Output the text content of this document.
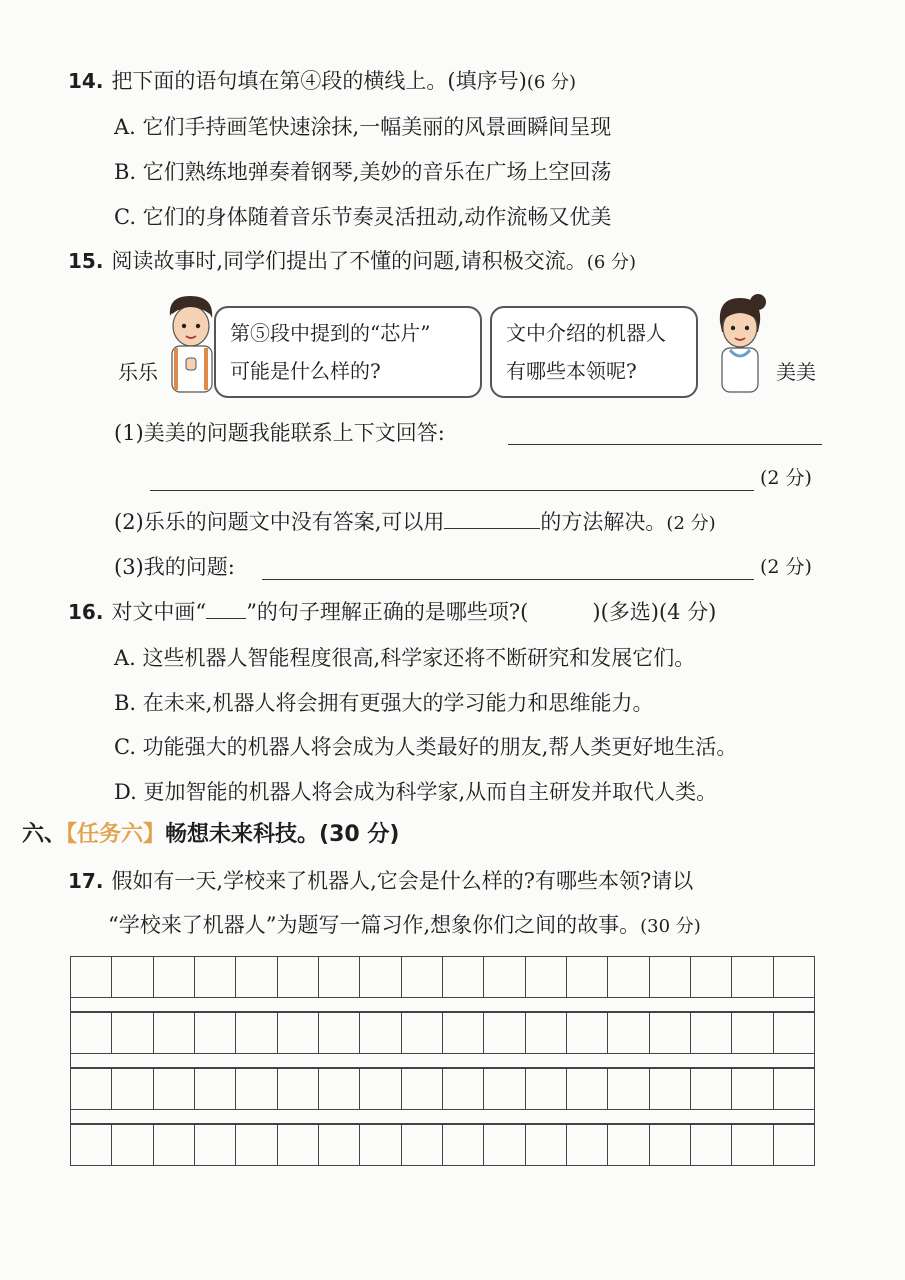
14. 把下面的语句填在第④段的横线上。(填序号)(6 分)
A. 它们手持画笔快速涂抹,一幅美丽的风景画瞬间呈现
B. 它们熟练地弹奏着钢琴,美妙的音乐在广场上空回荡
C. 它们的身体随着音乐节奏灵活扭动,动作流畅又优美
15. 阅读故事时,同学们提出了不懂的问题,请积极交流。(6 分)
乐乐
第⑤段中提到的“芯片”
可能是什么样的?
文中介绍的机器人
有哪些本领呢?	美美
(1)美美的问题我能联系上下文回答:
(2 分)
(2)乐乐的问题文中没有答案,可以用	的方法解决。(2 分)
(3)我的问题:	(2 分)
16. 对文中画“ ”的句子理解正确的是哪些项?(	)(多选)(4 分)
A. 这些机器人智能程度很高,科学家还将不断研究和发展它们。
B. 在未来,机器人将会拥有更强大的学习能力和思维能力。
C. 功能强大的机器人将会成为人类最好的朋友,帮人类更好地生活。
D. 更加智能的机器人将会成为科学家,从而自主研发并取代人类。
六、【任务六】畅想未来科技。(30 分)
17. 假如有一天,学校来了机器人,它会是什么样的?有哪些本领?请以
“学校来了机器人”为题写一篇习作,想象你们之间的故事。(30 分)
